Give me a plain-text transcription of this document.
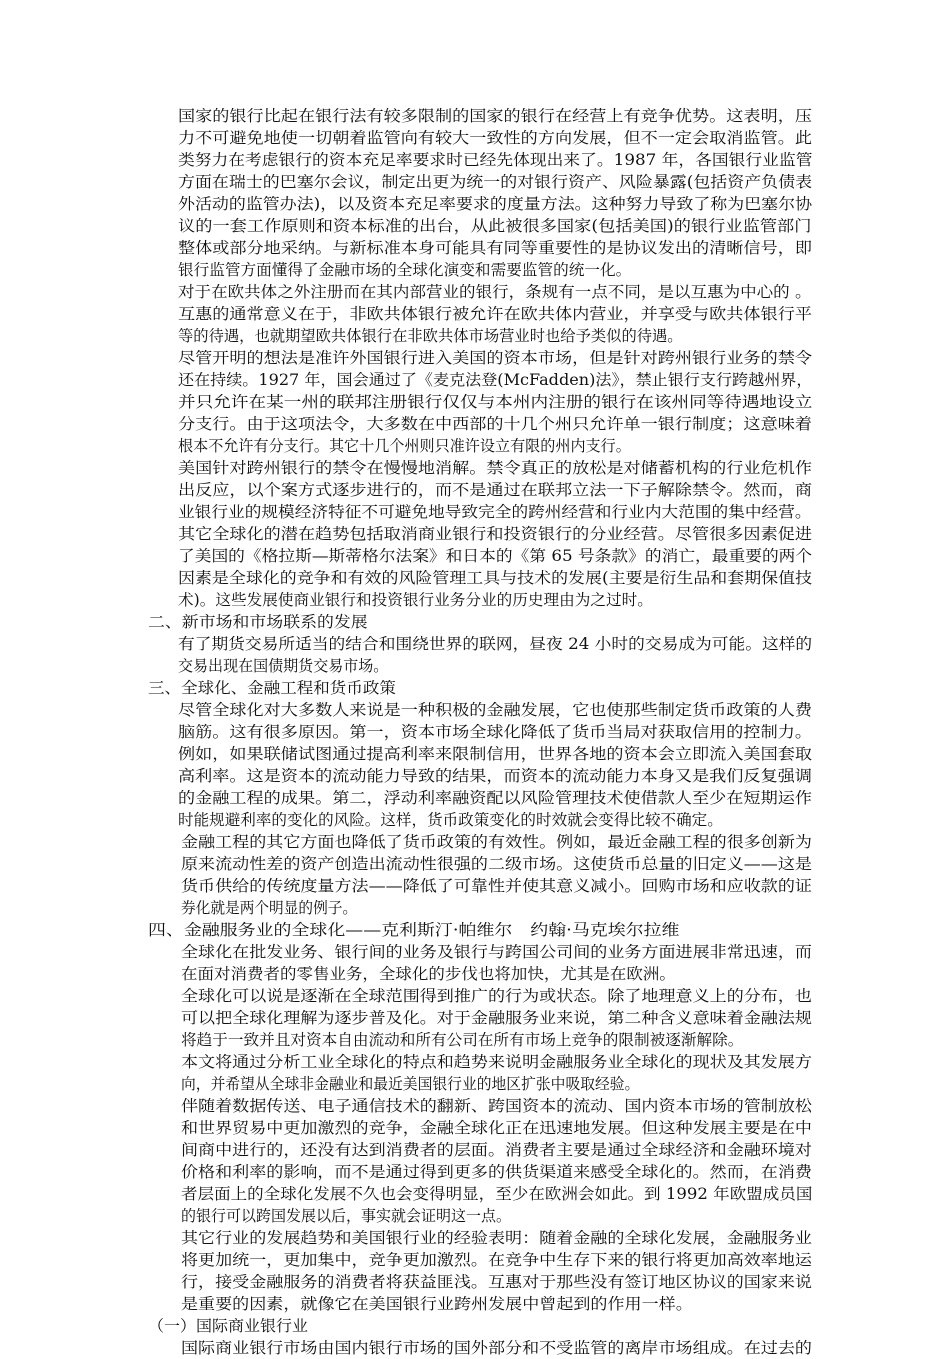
国家的银行比起在银行法有较多限制的国家的银行在经营上有竞争优势。这表明，压
力不可避免地使一切朝着监管向有较大一致性的方向发展，但不一定会取消监管。此
类努力在考虑银行的资本充足率要求时已经先体现出来了。1987 年，各国银行业监管
方面在瑞士的巴塞尔会议，制定出更为统一的对银行资产、风险暴露(包括资产负债表
外活动的监管办法)，以及资本充足率要求的度量方法。这种努力导致了称为巴塞尔协
议的一套工作原则和资本标准的出台，从此被很多国家(包括美国)的银行业监管部门
整体或部分地采纳。与新标准本身可能具有同等重要性的是协议发出的清晰信号，即
银行监管方面懂得了金融市场的全球化演变和需要监管的统一化。
对于在欧共体之外注册而在其内部营业的银行，条规有一点不同，是以互惠为中心的 。
互惠的通常意义在于，非欧共体银行被允许在欧共体内营业，并享受与欧共体银行平
等的待遇，也就期望欧共体银行在非欧共体市场营业时也给予类似的待遇。
尽管开明的想法是准许外国银行进入美国的资本市场，但是针对跨州银行业务的禁令
还在持续。1927 年，国会通过了《麦克法登(McFadden)法》，禁止银行支行跨越州界，
并只允许在某一州的联邦注册银行仅仅与本州内注册的银行在该州同等待遇地设立
分支行。由于这项法令，大多数在中西部的十几个州只允许单一银行制度；这意味着
根本不允许有分支行。其它十几个州则只准许设立有限的州内支行。
美国针对跨州银行的禁令在慢慢地消解。禁令真正的放松是对储蓄机构的行业危机作
出反应，以个案方式逐步进行的，而不是通过在联邦立法一下子解除禁令。然而，商
业银行业的规模经济特征不可避免地导致完全的跨州经营和行业内大范围的集中经营。
其它全球化的潜在趋势包括取消商业银行和投资银行的分业经营。尽管很多因素促进
了美国的《格拉斯—斯蒂格尔法案》和日本的《第 65 号条款》的消亡，最重要的两个
因素是全球化的竞争和有效的风险管理工具与技术的发展(主要是衍生品和套期保值技
术)。这些发展使商业银行和投资银行业务分业的历史理由为之过时。
二、新市场和市场联系的发展
有了期货交易所适当的结合和围绕世界的联网，昼夜 24 小时的交易成为可能。这样的
交易出现在国债期货交易市场。
三、全球化、金融工程和货币政策
尽管全球化对大多数人来说是一种积极的金融发展，它也使那些制定货币政策的人费
脑筋。这有很多原因。第一，资本市场全球化降低了货币当局对获取信用的控制力。
例如，如果联储试图通过提高利率来限制信用，世界各地的资本会立即流入美国套取
高利率。这是资本的流动能力导致的结果，而资本的流动能力本身又是我们反复强调
的金融工程的成果。第二，浮动利率融资配以风险管理技术使借款人至少在短期运作
时能规避利率的变化的风险。这样，货币政策变化的时效就会变得比较不确定。
金融工程的其它方面也降低了货币政策的有效性。例如，最近金融工程的很多创新为
原来流动性差的资产创造出流动性很强的二级市场。这使货币总量的旧定义——这是
货币供给的传统度量方法——降低了可靠性并使其意义减小。回购市场和应收款的证
券化就是两个明显的例子。
四、金融服务业的全球化——克利斯汀·帕维尔　约翰·马克埃尔拉维
全球化在批发业务、银行间的业务及银行与跨国公司间的业务方面进展非常迅速，而
在面对消费者的零售业务，全球化的步伐也将加快，尤其是在欧洲。
全球化可以说是逐渐在全球范围得到推广的行为或状态。除了地理意义上的分布，也
可以把全球化理解为逐步普及化。对于金融服务业来说，第二种含义意味着金融法规
将趋于一致并且对资本自由流动和所有公司在所有市场上竞争的限制被逐渐解除。
本文将通过分析工业全球化的特点和趋势来说明金融服务业全球化的现状及其发展方
向，并希望从全球非金融业和最近美国银行业的地区扩张中吸取经验。
伴随着数据传送、电子通信技术的翻新、跨国资本的流动、国内资本市场的管制放松
和世界贸易中更加激烈的竞争，金融全球化正在迅速地发展。但这种发展主要是在中
间商中进行的，还没有达到消费者的层面。消费者主要是通过全球经济和金融环境对
价格和利率的影响，而不是通过得到更多的供货渠道来感受全球化的。然而，在消费
者层面上的全球化发展不久也会变得明显，至少在欧洲会如此。到 1992 年欧盟成员国
的银行可以跨国发展以后，事实就会证明这一点。
其它行业的发展趋势和美国银行业的经验表明：随着金融的全球化发展，金融服务业
将更加统一，更加集中，竞争更加激烈。在竞争中生存下来的银行将更加高效率地运
行，接受金融服务的消费者将获益匪浅。互惠对于那些没有签订地区协议的国家来说
是重要的因素，就像它在美国银行业跨州发展中曾起到的作用一样。
（一）国际商业银行业
国际商业银行市场由国内银行市场的国外部分和不受监管的离岸市场组成。在过去的
